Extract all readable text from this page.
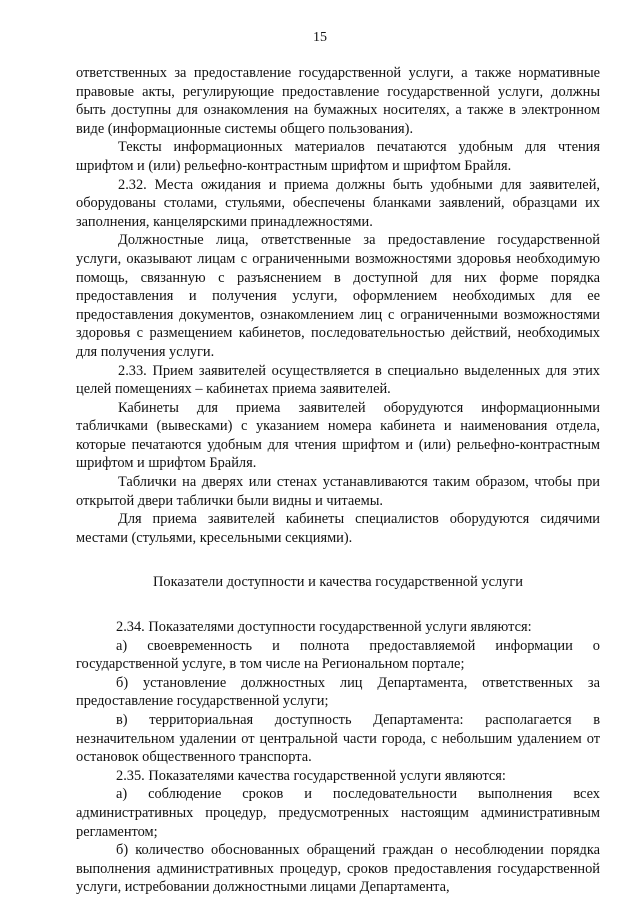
15

ответственных за предоставление государственной услуги, а также нормативные правовые акты, регулирующие предоставление государственной услуги, должны быть доступны для ознакомления на бумажных носителях, а также в электронном виде (информационные системы общего пользования).

Тексты информационных материалов печатаются удобным для чтения шрифтом и (или) рельефно-контрастным шрифтом и шрифтом Брайля.

2.32. Места ожидания и приема должны быть удобными для заявителей, оборудованы столами, стульями, обеспечены бланками заявлений, образцами их заполнения, канцелярскими принадлежностями.

Должностные лица, ответственные за предоставление государственной услуги, оказывают лицам с ограниченными возможностями здоровья необходимую помощь, связанную с разъяснением в доступной для них форме порядка предоставления и получения услуги, оформлением необходимых для ее предоставления документов, ознакомлением лиц с ограниченными возможностями здоровья с размещением кабинетов, последовательностью действий, необходимых для получения услуги.

2.33. Прием заявителей осуществляется в специально выделенных для этих целей помещениях – кабинетах приема заявителей.

Кабинеты для приема заявителей оборудуются информационными табличками (вывесками) с указанием номера кабинета и наименования отдела, которые печатаются удобным для чтения шрифтом и (или) рельефно-контрастным шрифтом и шрифтом Брайля.

Таблички на дверях или стенах устанавливаются таким образом, чтобы при открытой двери таблички были видны и читаемы.

Для приема заявителей кабинеты специалистов оборудуются сидячими местами (стульями, кресельными секциями).

Показатели доступности и качества государственной услуги

2.34. Показателями доступности государственной услуги являются:

а) своевременность и полнота предоставляемой информации о государственной услуге, в том числе на Региональном портале;

б) установление должностных лиц Департамента, ответственных за предоставление государственной услуги;

в) территориальная доступность Департамента: располагается в незначительном удалении от центральной части города, с небольшим удалением от остановок общественного транспорта.

2.35. Показателями качества государственной услуги являются:

а) соблюдение сроков и последовательности выполнения всех административных процедур, предусмотренных настоящим административным регламентом;

б) количество обоснованных обращений граждан о несоблюдении порядка выполнения административных процедур, сроков предоставления государственной услуги, истребовании должностными лицами Департамента,
